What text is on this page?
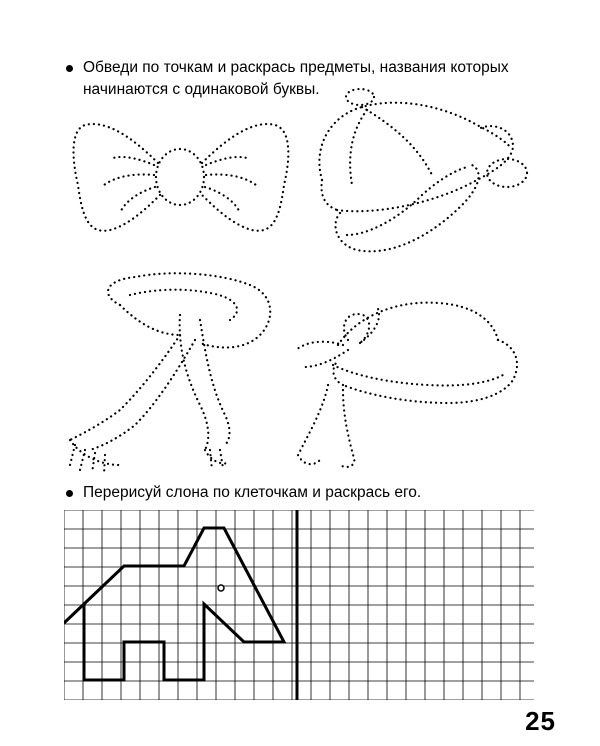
Обведи по точкам и раскрась предметы, названия которых начинаются с одинаковой буквы.
Перерисуй слона по клеточкам и раскрась его.
25
